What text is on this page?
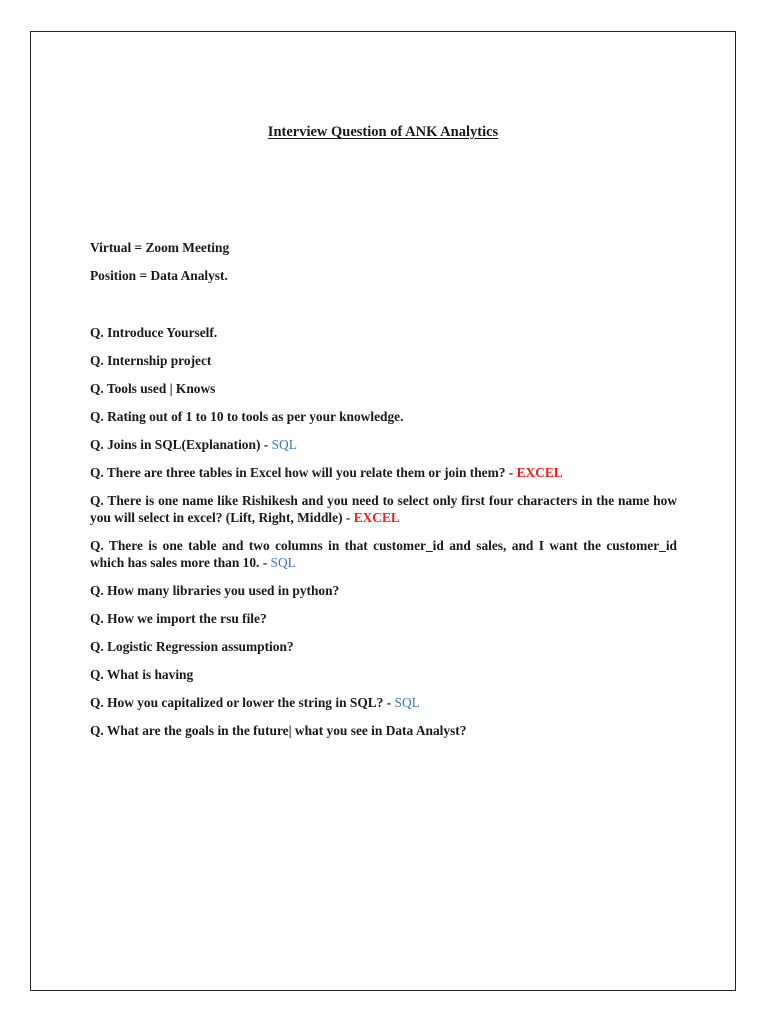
Interview Question of ANK Analytics

Virtual = Zoom Meeting

Position = Data Analyst.

Q. Introduce Yourself.

Q. Internship project

Q. Tools used | Knows

Q. Rating out of 1 to 10 to tools as per your knowledge.

Q. Joins in SQL(Explanation) - SQL

Q. There are three tables in Excel how will you relate them or join them? - EXCEL

Q. There is one name like Rishikesh and you need to select only first four characters in the name how you will select in excel? (Lift, Right, Middle) - EXCEL

Q. There is one table and two columns in that customer_id and sales, and I want the customer_id which has sales more than 10. - SQL

Q. How many libraries you used in python?

Q. How we import the rsu file?

Q. Logistic Regression assumption?

Q. What is having

Q. How you capitalized or lower the string in SQL? - SQL

Q. What are the goals in the future| what you see in Data Analyst?
